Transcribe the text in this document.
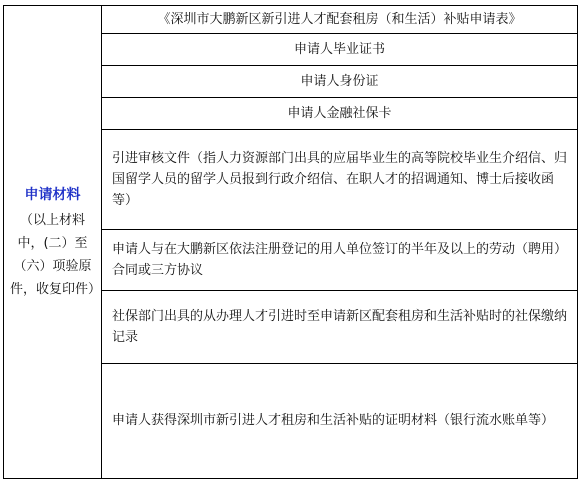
申请材料
（以上材料中，(二）至（六）项验原件，收复印件）
	《深圳市大鹏新区新引进人才配套租房（和生活）补贴申请表》
申请人毕业证书
申请人身份证
申请人金融社保卡
引进审核文件（指人力资源部门出具的应届毕业生的高等院校毕业生介绍信、归国留学人员的留学人员报到行政介绍信、在职人才的招调通知、博士后接收函等）
申请人与在大鹏新区依法注册登记的用人单位签订的半年及以上的劳动（聘用）合同或三方协议
社保部门出具的从办理人才引进时至申请新区配套租房和生活补贴时的社保缴纳记录
申请人获得深圳市新引进人才租房和生活补贴的证明材料（银行流水账单等）
